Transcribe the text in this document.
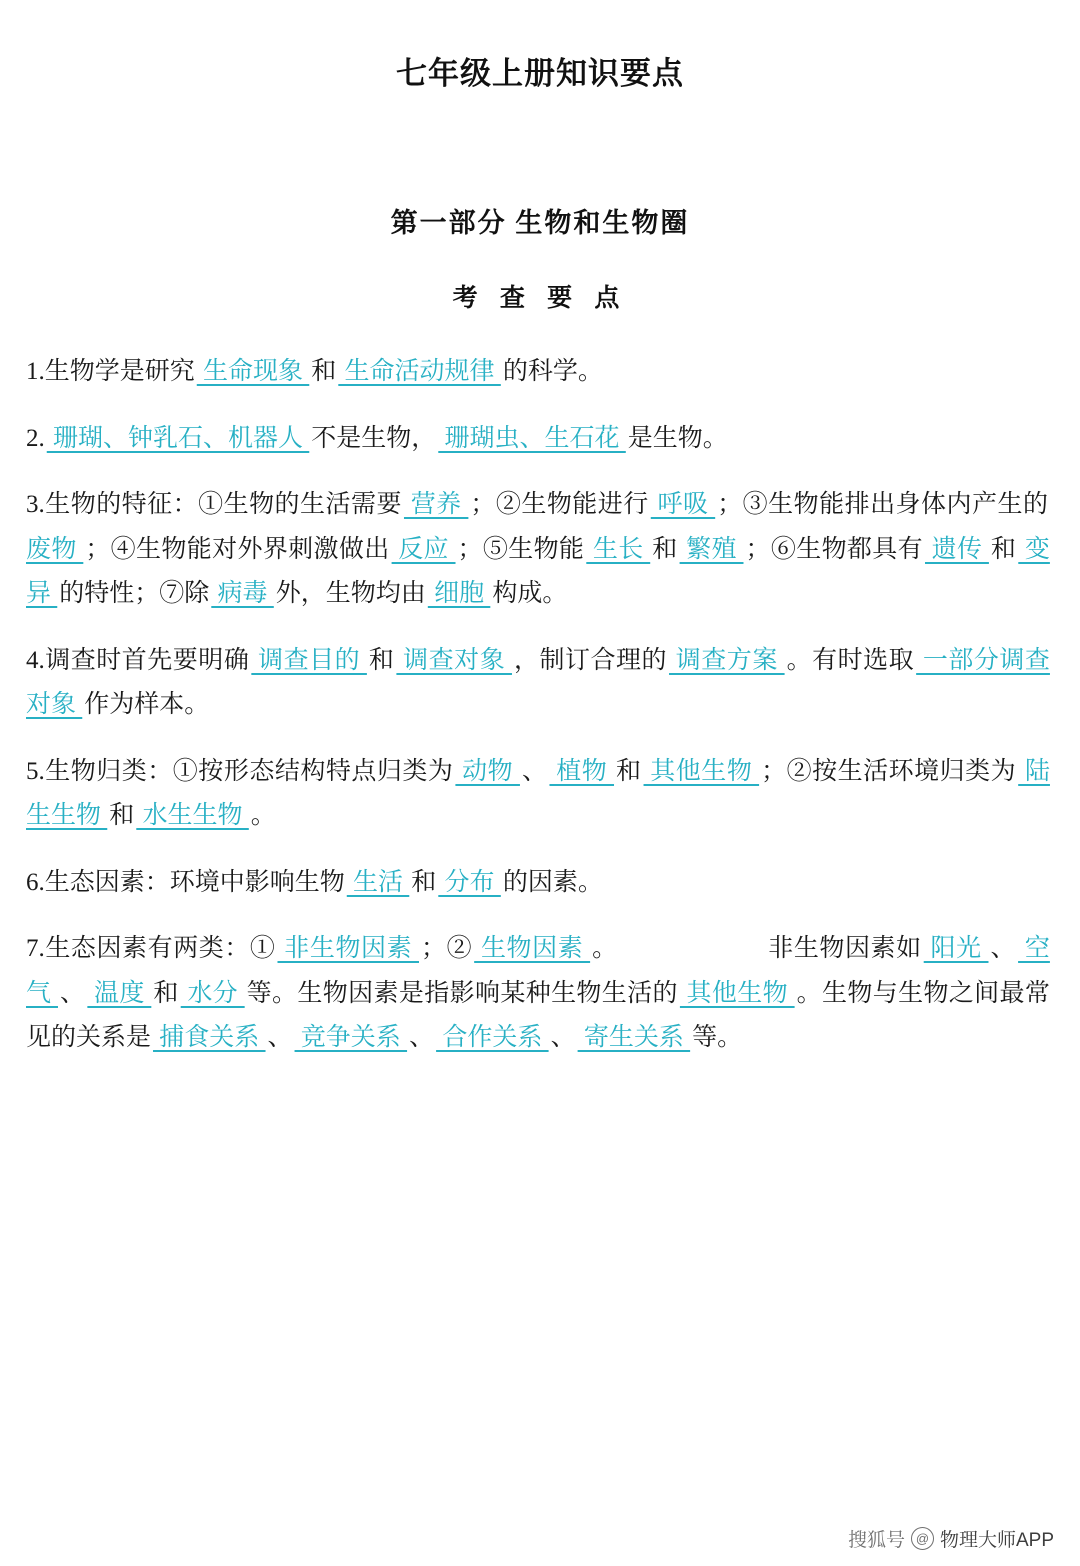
七年级上册知识要点
第一部分 生物和生物圈
考 查 要 点

1.生物学是研究 生命现象 和 生命活动规律 的科学。

2. 珊瑚、钟乳石、机器人 不是生物， 珊瑚虫、生石花 是生物。

3.生物的特征：①生物的生活需要 营养 ；②生物能进行 呼吸 ；③生物能排出身体内产生的 废物 ；④生物能对外界刺激做出 反应 ；⑤生物能 生长 和 繁殖 ；⑥生物都具有 遗传 和 变异 的特性；⑦除 病毒 外，生物均由 细胞 构成。

4.调查时首先要明确 调查目的 和 调查对象 ，制订合理的 调查方案 。有时选取 一部分调查对象 作为样本。

5.生物归类：①按形态结构特点归类为 动物 、 植物 和 其他生物 ；②按生活环境归类为 陆生生物 和 水生生物 。

6.生态因素：环境中影响生物 生活 和 分布 的因素。

7.生态因素有两类：① 非生物因素 ；② 生物因素 。	非生物因素如 阳光 、 空气 、 温度 和 水分 等。生物因素是指影响某种生物生活的 其他生物 。生物与生物之间最常见的关系是 捕食关系 、 竞争关系 、 合作关系 、 寄生关系 等。

搜狐号 @ 物理大师APP
